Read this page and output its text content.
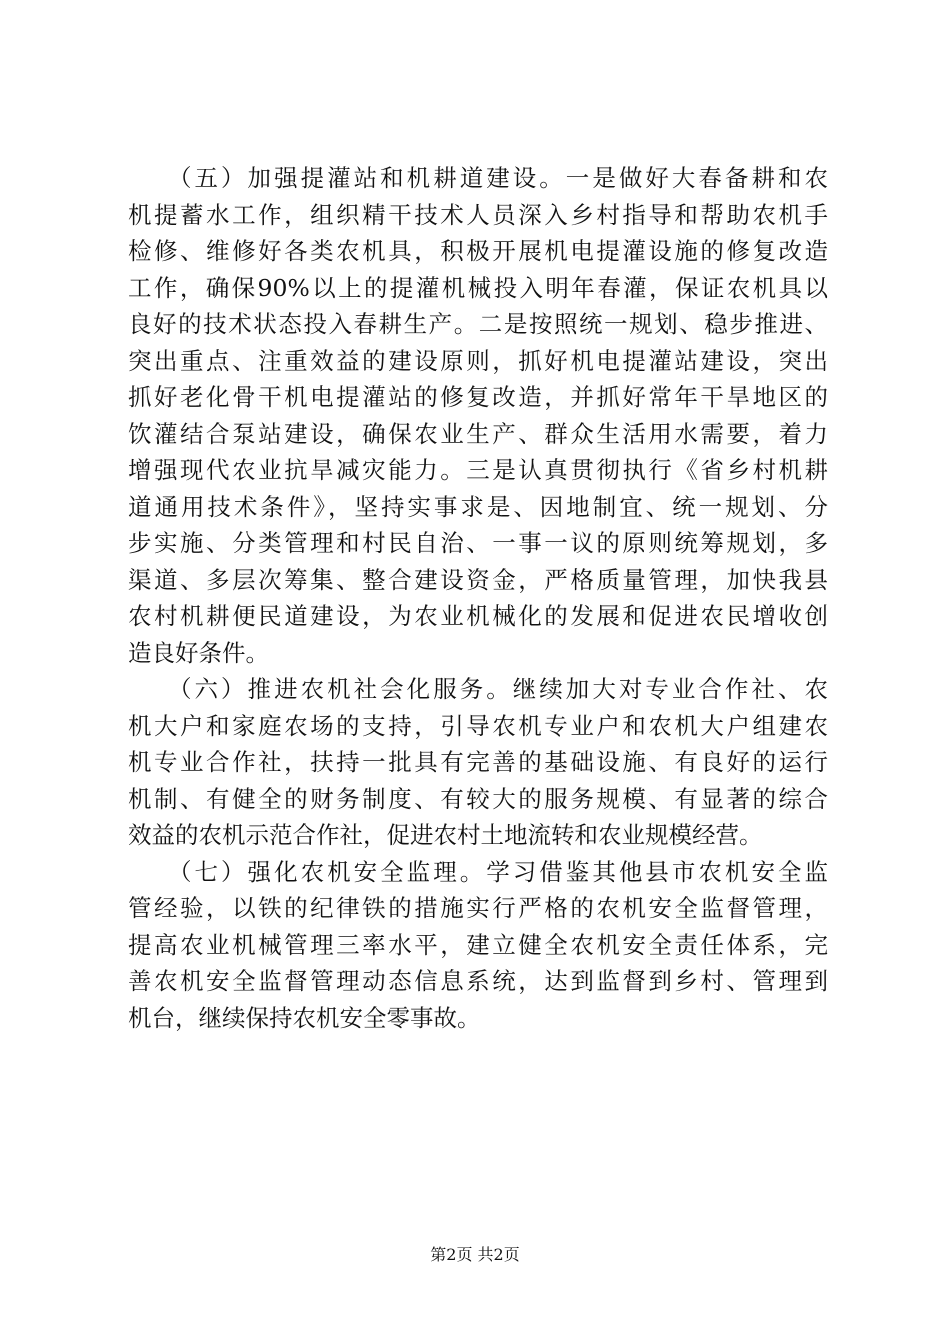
（五）加强提灌站和机耕道建设。一是做好大春备耕和农
机提蓄水工作，组织精干技术人员深入乡村指导和帮助农机手
检修、维修好各类农机具，积极开展机电提灌设施的修复改造
工作，确保90%以上的提灌机械投入明年春灌，保证农机具以
良好的技术状态投入春耕生产。二是按照统一规划、稳步推进、
突出重点、注重效益的建设原则，抓好机电提灌站建设，突出
抓好老化骨干机电提灌站的修复改造，并抓好常年干旱地区的
饮灌结合泵站建设，确保农业生产、群众生活用水需要，着力
增强现代农业抗旱减灾能力。三是认真贯彻执行《省乡村机耕
道通用技术条件》，坚持实事求是、因地制宜、统一规划、分
步实施、分类管理和村民自治、一事一议的原则统筹规划，多
渠道、多层次筹集、整合建设资金，严格质量管理，加快我县
农村机耕便民道建设，为农业机械化的发展和促进农民增收创
造良好条件。
（六）推进农机社会化服务。继续加大对专业合作社、农
机大户和家庭农场的支持，引导农机专业户和农机大户组建农
机专业合作社，扶持一批具有完善的基础设施、有良好的运行
机制、有健全的财务制度、有较大的服务规模、有显著的综合
效益的农机示范合作社，促进农村土地流转和农业规模经营。
（七）强化农机安全监理。学习借鉴其他县市农机安全监
管经验，以铁的纪律铁的措施实行严格的农机安全监督管理，
提高农业机械管理三率水平，建立健全农机安全责任体系，完
善农机安全监督管理动态信息系统，达到监督到乡村、管理到
机台，继续保持农机安全零事故。
第2页 共2页
